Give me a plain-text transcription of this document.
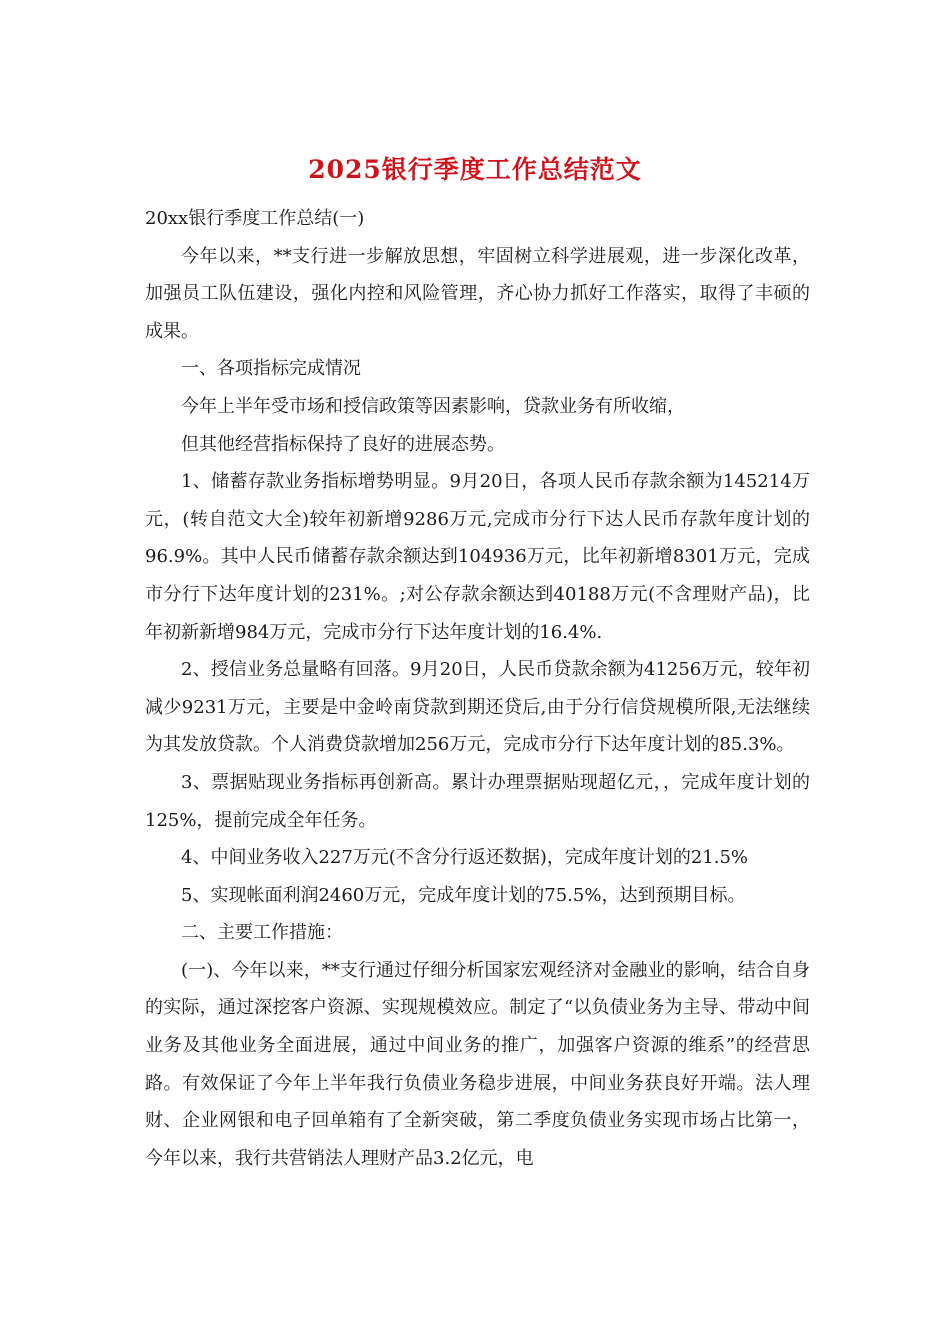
2025银行季度工作总结范文

20xx银行季度工作总结(一)

今年以来，**支行进一步解放思想，牢固树立科学进展观，进一步深化改革，加强员工队伍建设，强化内控和风险管理，齐心协力抓好工作落实，取得了丰硕的成果。

一、各项指标完成情况

今年上半年受市场和授信政策等因素影响，贷款业务有所收缩，

但其他经营指标保持了良好的进展态势。

1、储蓄存款业务指标增势明显。9月20日，各项人民币存款余额为145214万元，(转自范文大全)较年初新增9286万元,完成市分行下达人民币存款年度计划的96.9%。其中人民币储蓄存款余额达到104936万元，比年初新增8301万元，完成市分行下达年度计划的231%。;对公存款余额达到40188万元(不含理财产品)，比年初新新增984万元，完成市分行下达年度计划的16.4%.

2、授信业务总量略有回落。9月20日，人民币贷款余额为41256万元，较年初减少9231万元，主要是中金岭南贷款到期还贷后,由于分行信贷规模所限,无法继续为其发放贷款。个人消费贷款增加256万元，完成市分行下达年度计划的85.3%。

3、票据贴现业务指标再创新高。累计办理票据贴现超亿元，，完成年度计划的125%，提前完成全年任务。

4、中间业务收入227万元(不含分行返还数据)，完成年度计划的21.5%

5、实现帐面利润2460万元，完成年度计划的75.5%，达到预期目标。

二、主要工作措施：

(一)、今年以来，**支行通过仔细分析国家宏观经济对金融业的影响，结合自身的实际，通过深挖客户资源、实现规模效应。制定了“以负债业务为主导、带动中间业务及其他业务全面进展，通过中间业务的推广，加强客户资源的维系”的经营思路。有效保证了今年上半年我行负债业务稳步进展，中间业务获良好开端。法人理财、企业网银和电子回单箱有了全新突破，第二季度负债业务实现市场占比第一，今年以来，我行共营销法人理财产品3.2亿元，电
